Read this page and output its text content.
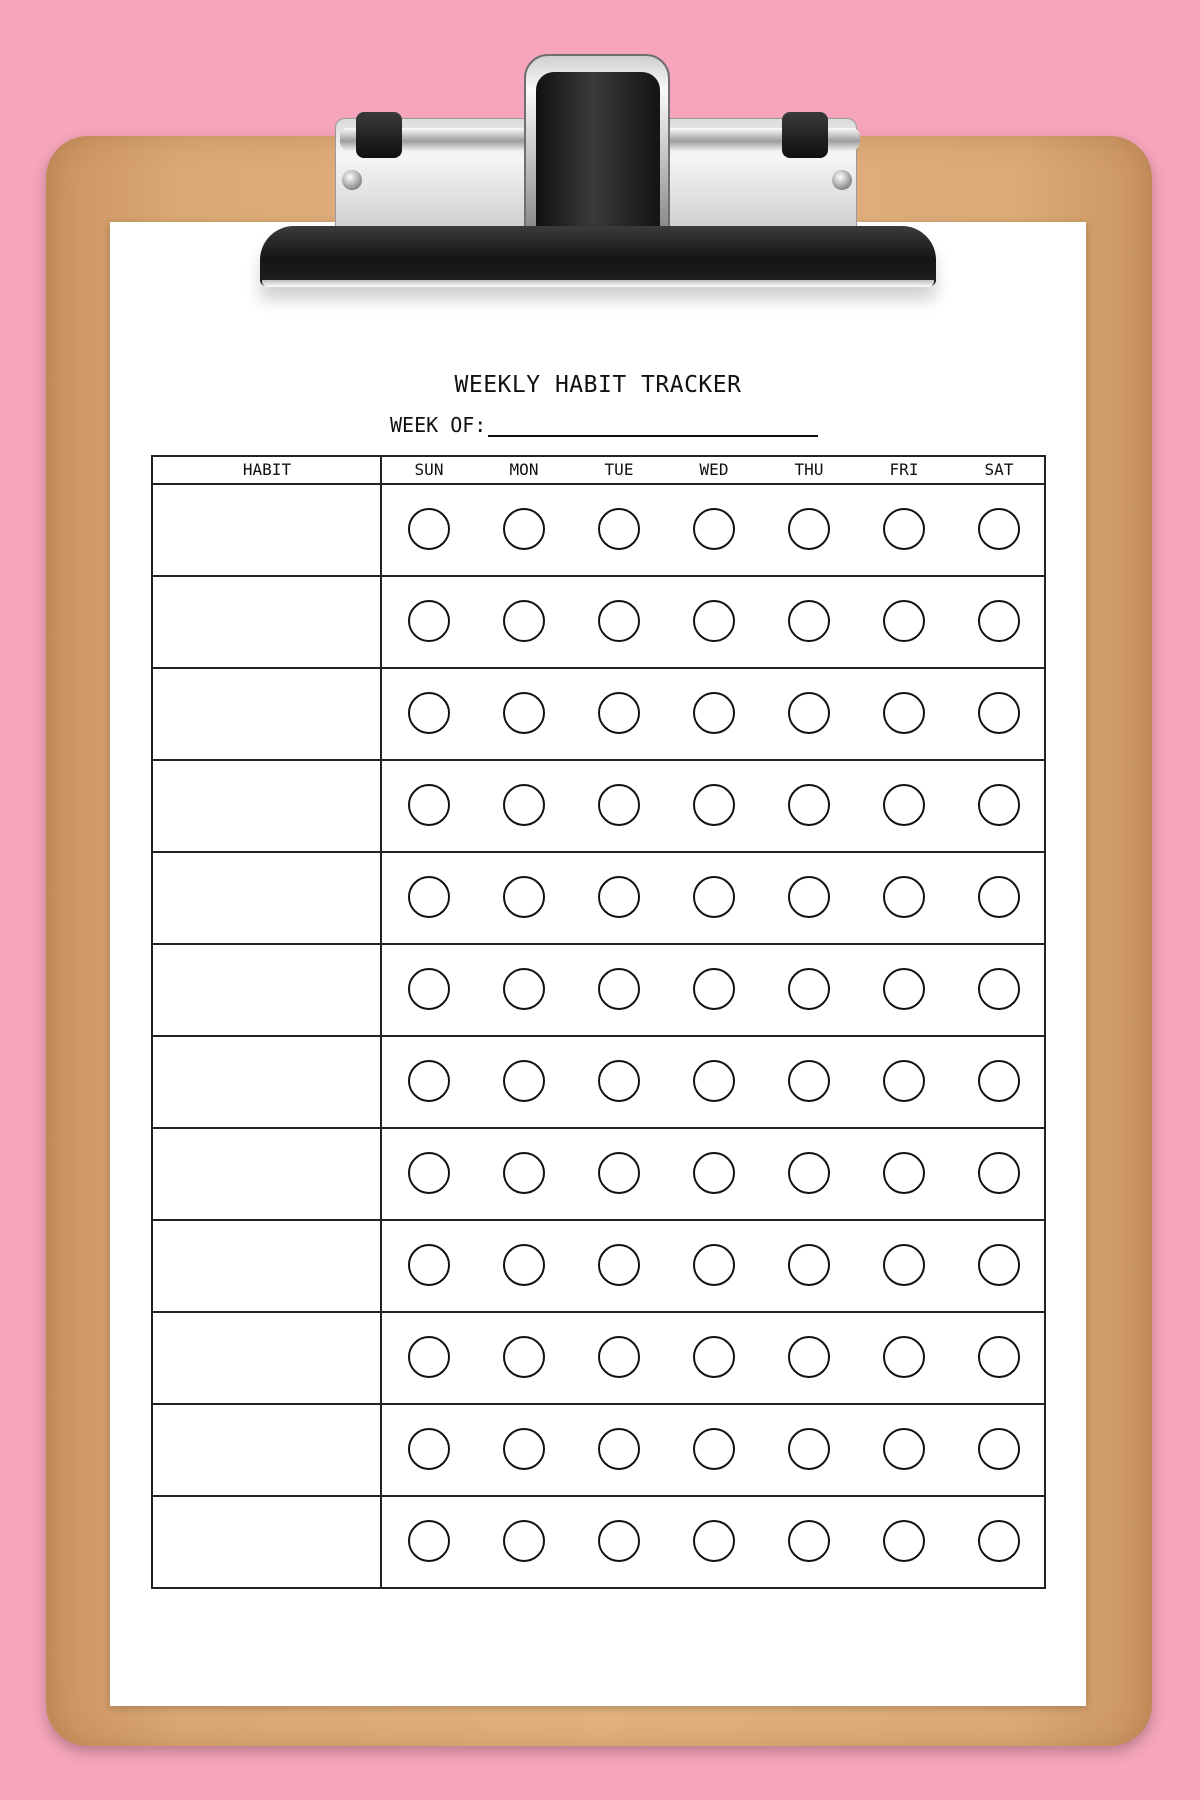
WEEKLY HABIT TRACKER
WEEK OF:
HABIT	SUN	MON	TUE	WED	THU	FRI	SAT
